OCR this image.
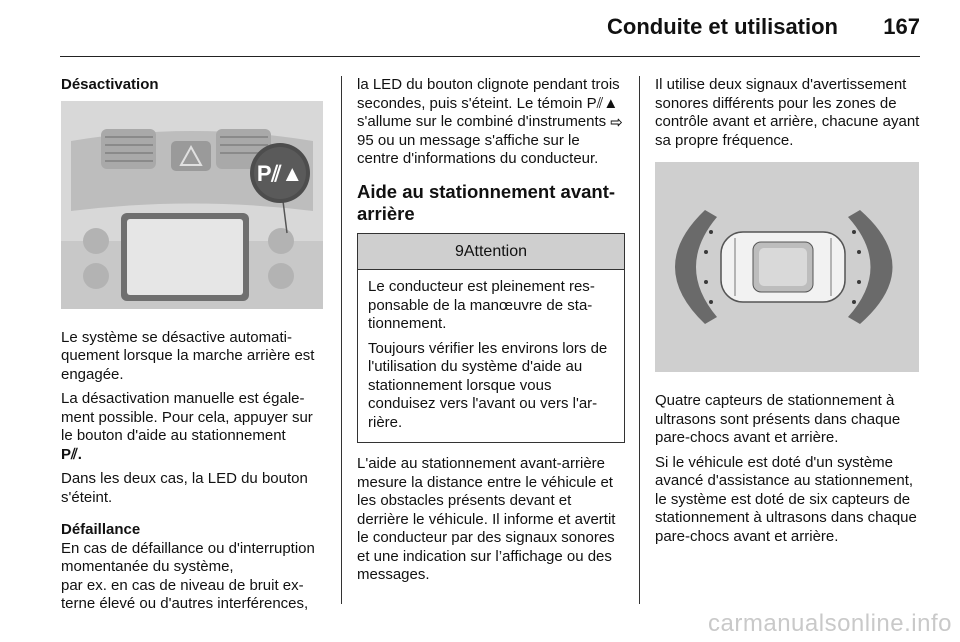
Conduite et utilisation 167

Désactivation

P⫽▲

Le système se désactive automatiquement lorsque la marche arrière est engagée.

La désactivation manuelle est également possible. Pour cela, appuyer sur le bouton d'aide au stationnement

P⫽.

Dans les deux cas, la LED du bouton s'éteint.

Défaillance

En cas de défaillance ou d'interruption momentanée du système,

par ex. en cas de niveau de bruit externe élevé ou d'autres interférences,

la LED du bouton clignote pendant trois secondes, puis s'éteint. Le témoin P⫽▲ s'allume sur le combiné d'instruments ⇨ 95 ou un message s'affiche sur le centre d'informations du conducteur.

Aide au stationnement avant-arrière
9Attention

Le conducteur est pleinement responsable de la manœuvre de stationnement.

Toujours vérifier les environs lors de l'utilisation du système d'aide au stationnement lorsque vous conduisez vers l'avant ou vers l'arrière.

L'aide au stationnement avant-arrière mesure la distance entre le véhicule et les obstacles présents devant et derrière le véhicule. Il informe et avertit le conducteur par des signaux sonores et une indication sur l’affichage ou des messages.

Il utilise deux signaux d'avertissement sonores différents pour les zones de contrôle avant et arrière, chacune ayant sa propre fréquence.

Quatre capteurs de stationnement à ultrasons sont présents dans chaque pare-chocs avant et arrière.

Si le véhicule est doté d'un système avancé d'assistance au stationnement, le système est doté de six capteurs de stationnement à ultrasons dans chaque pare-chocs avant et arrière.

carmanualsonline.info
